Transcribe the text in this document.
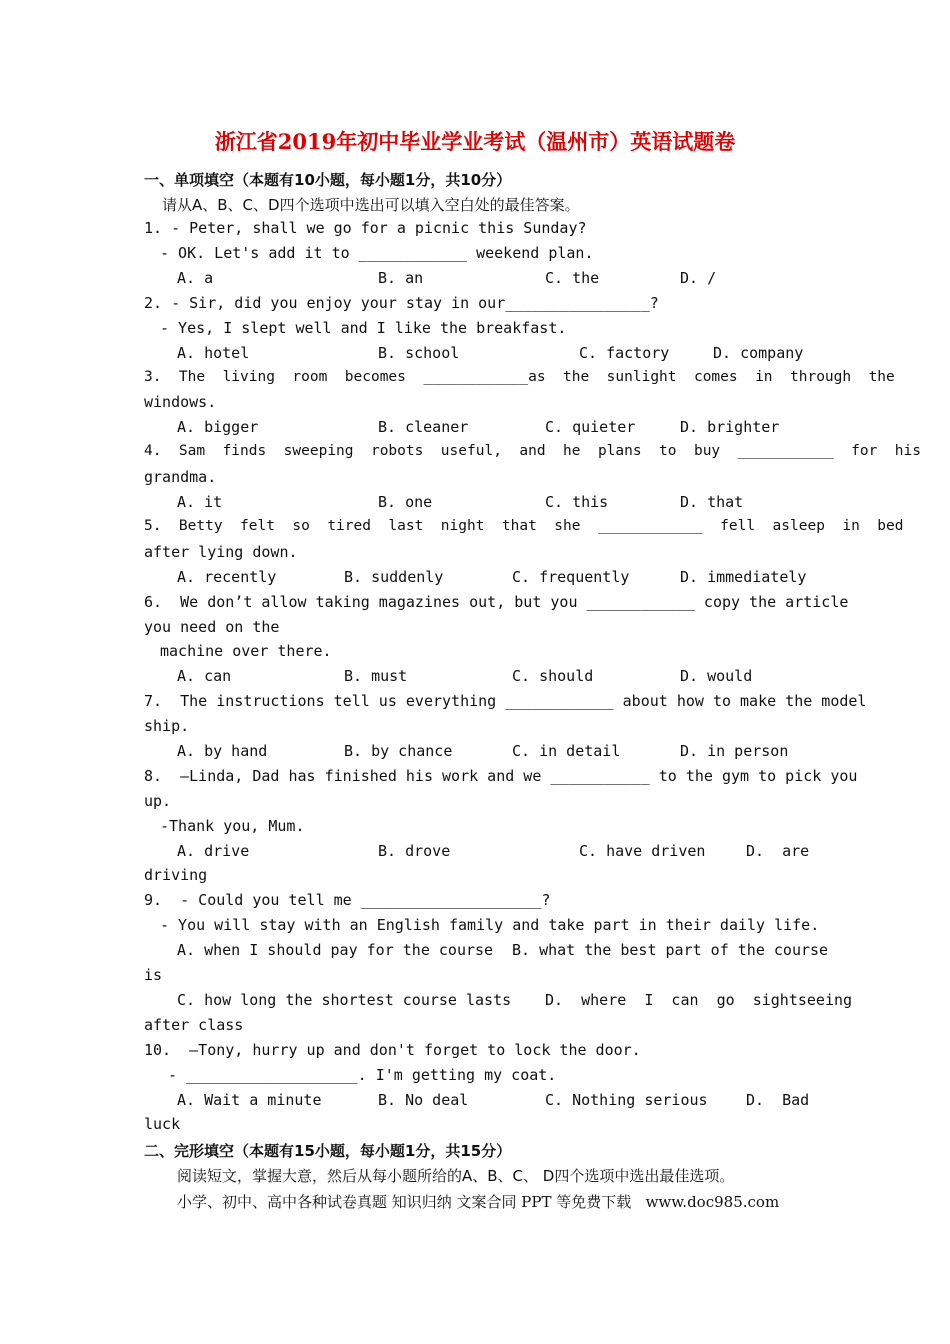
浙江省2019年初中毕业学业考试（温州市）英语试题卷
一、单项填空（本题有10小题，每小题1分，共10分）
请从A、B、C、D四个选项中选出可以填入空白处的最佳答案。
1. - Peter, shall we go for a picnic this Sunday?
- OK. Let's add it to ____________ weekend plan.
A. a	B. an	C. the	D. /
2. - Sir, did you enjoy your stay in our________________?
- Yes, I slept well and I like the breakfast.
A. hotel	B. school	C. factory	D. company
3.  The  living  room  becomes  ____________as  the  sunlight  comes  in  through  the
windows.
A. bigger	B. cleaner	C. quieter	D. brighter
4.  Sam  finds  sweeping  robots  useful,  and  he  plans  to  buy  ___________  for  his
grandma.
A. it	B. one	C. this	D. that
5.  Betty  felt  so  tired  last  night  that  she  ____________  fell  asleep  in  bed
after lying down.
A. recently	B. suddenly	C. frequently	D. immediately
6.  We don’t allow taking magazines out, but you ____________ copy the article
you need on the
machine over there.
A. can	B. must	C. should	D. would
7.  The instructions tell us everything ____________ about how to make the model
ship.
A. by hand	B. by chance	C. in detail	D. in person
8.  –Linda, Dad has finished his work and we ___________ to the gym to pick you
up.
-Thank you, Mum.
A. drive	B. drove	C. have driven	D.  are
driving
9.  - Could you tell me ____________________?
- You will stay with an English family and take part in their daily life.
A. when I should pay for the course B. what the best part of the course
is
C. how long the shortest course lasts D.  where  I  can  go  sightseeing
after class
10.  –Tony, hurry up and don't forget to lock the door.
- ___________________. I'm getting my coat.
A. Wait a minute	B. No deal	C. Nothing serious	D.  Bad
luck
二、完形填空（本题有15小题，每小题1分，共15分）
阅读短文，掌握大意，然后从每小题所给的A、B、C、 D四个选项中选出最佳选项。
小学、初中、高中各种试卷真题 知识归纳 文案合同 PPT 等免费下载   www.doc985.com
